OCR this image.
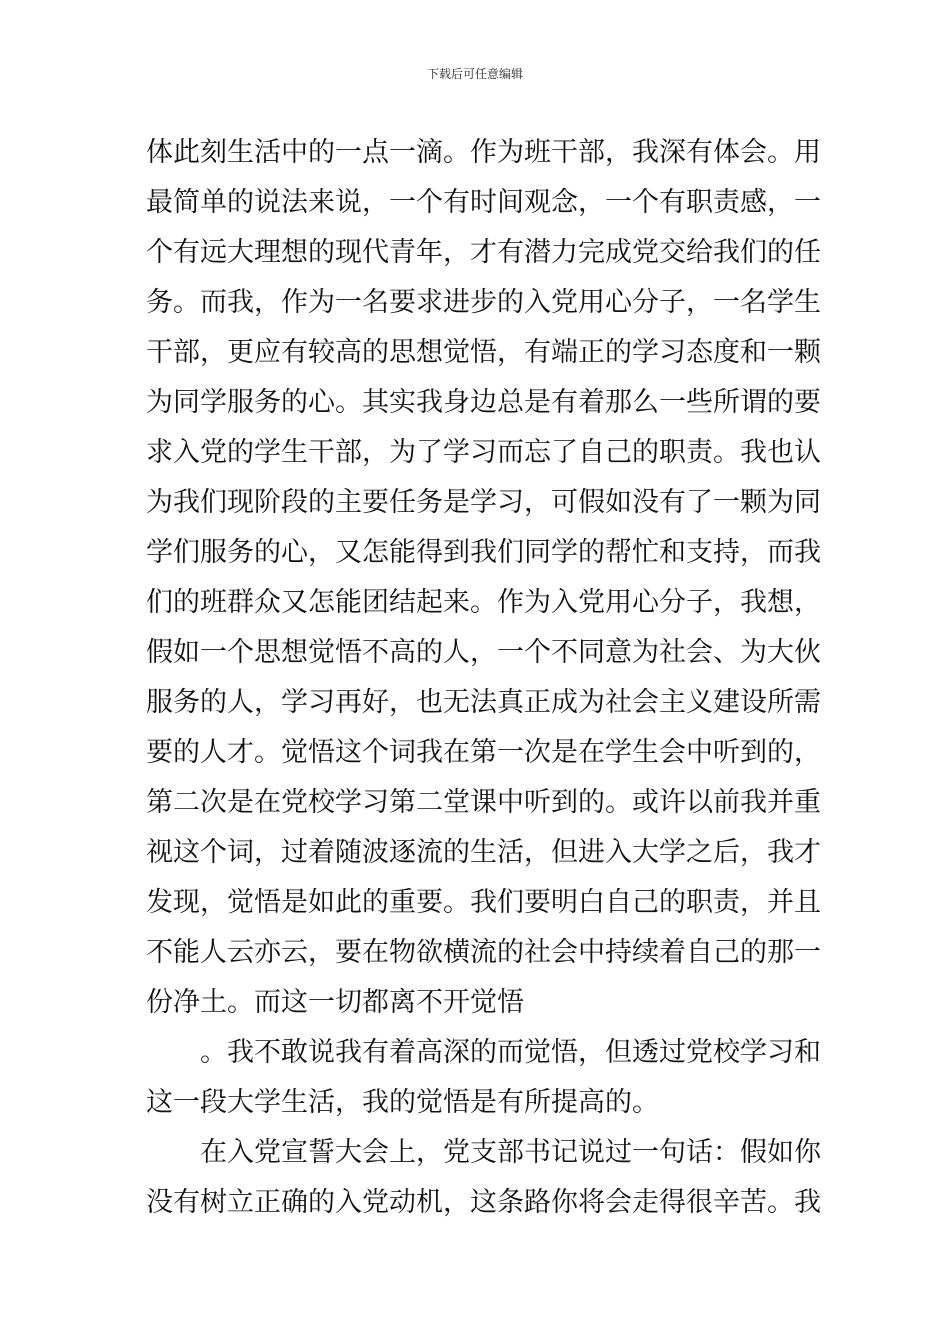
下载后可任意编辑
体此刻生活中的一点一滴。作为班干部，我深有体会。用
最简单的说法来说，一个有时间观念，一个有职责感，一
个有远大理想的现代青年，才有潜力完成党交给我们的任
务。而我，作为一名要求进步的入党用心分子，一名学生
干部，更应有较高的思想觉悟，有端正的学习态度和一颗
为同学服务的心。其实我身边总是有着那么一些所谓的要
求入党的学生干部，为了学习而忘了自己的职责。我也认
为我们现阶段的主要任务是学习，可假如没有了一颗为同
学们服务的心，又怎能得到我们同学的帮忙和支持，而我
们的班群众又怎能团结起来。作为入党用心分子，我想，
假如一个思想觉悟不高的人，一个不同意为社会、为大伙
服务的人，学习再好，也无法真正成为社会主义建设所需
要的人才。觉悟这个词我在第一次是在学生会中听到的，
第二次是在党校学习第二堂课中听到的。或许以前我并重
视这个词，过着随波逐流的生活，但进入大学之后，我才
发现，觉悟是如此的重要。我们要明白自己的职责，并且
不能人云亦云，要在物欲横流的社会中持续着自己的那一
份净土。而这一切都离不开觉悟
。我不敢说我有着高深的而觉悟，但透过党校学习和
这一段大学生活，我的觉悟是有所提高的。
在入党宣誓大会上，党支部书记说过一句话：假如你
没有树立正确的入党动机，这条路你将会走得很辛苦。我
